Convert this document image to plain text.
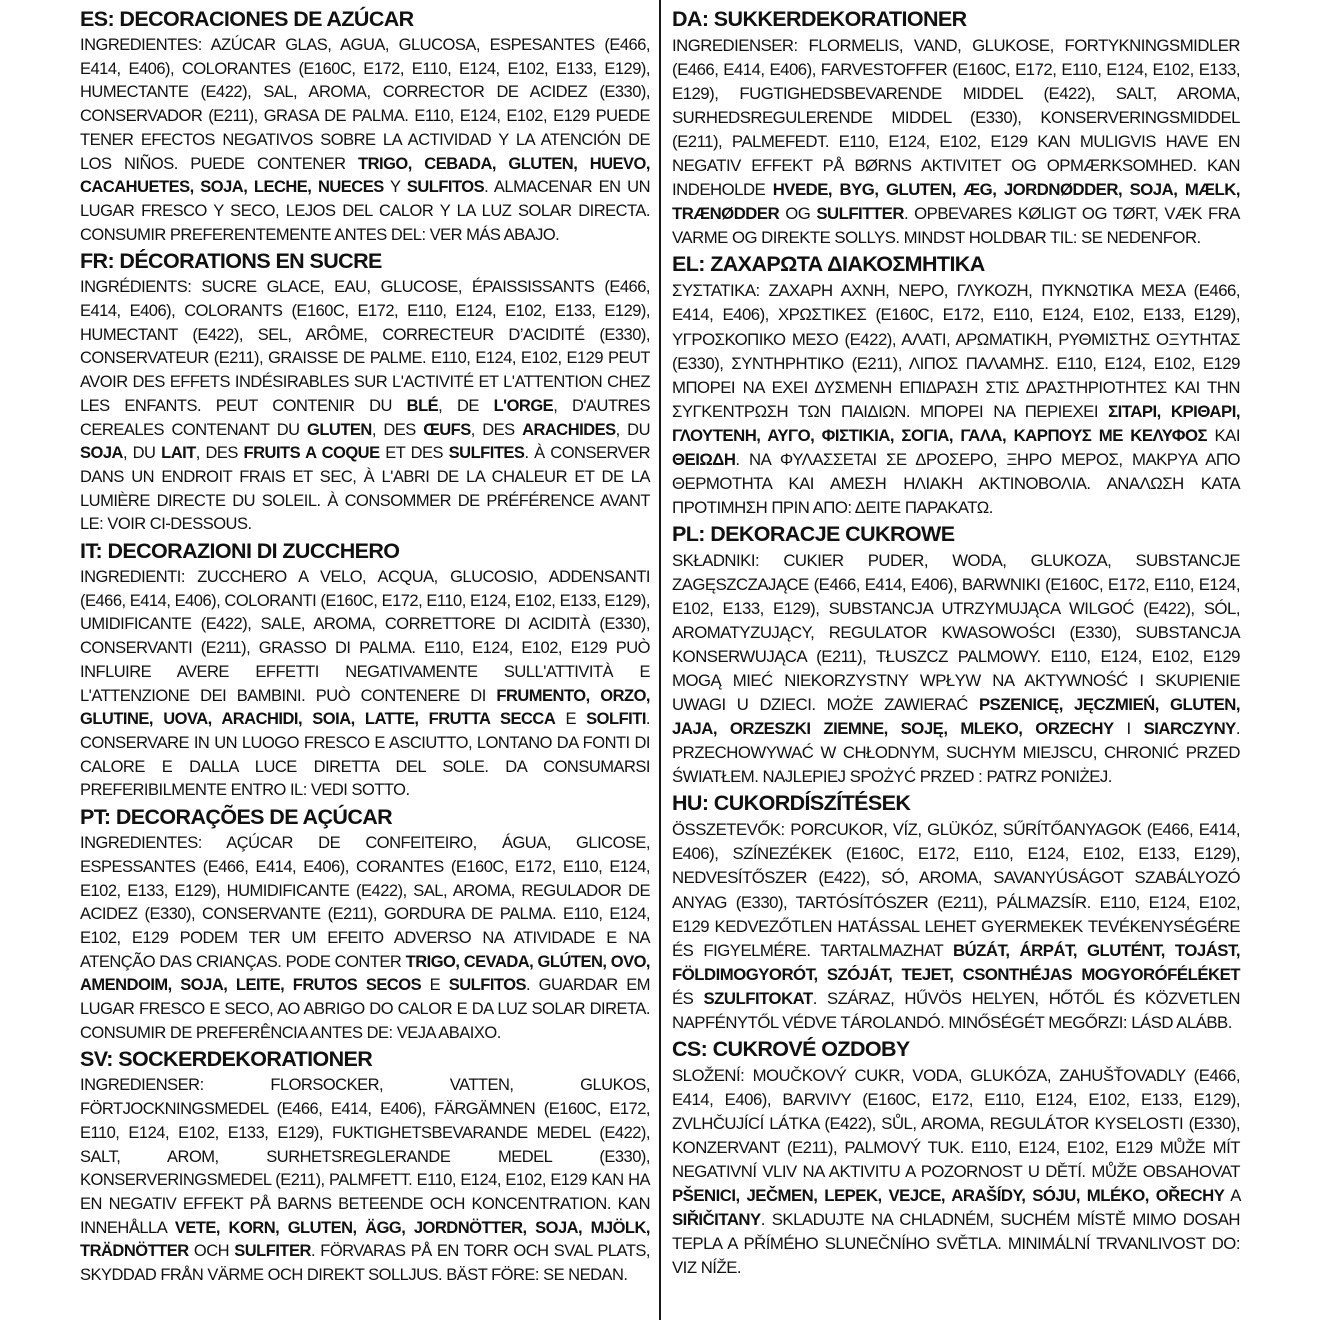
ES: DECORACIONES DE AZÚCAR
INGREDIENTES: AZÚCAR GLAS, AGUA, GLUCOSA, ESPESANTES (E466, E414, E406), COLORANTES (E160C, E172, E110, E124, E102, E133, E129), HUMECTANTE (E422), SAL, AROMA, CORRECTOR DE ACIDEZ (E330), CONSERVADOR (E211), GRASA DE PALMA. E110, E124, E102, E129 PUEDE TENER EFECTOS NEGATIVOS SOBRE LA ACTIVIDAD Y LA ATENCIÓN DE LOS NIÑOS. PUEDE CONTENER TRIGO, CEBADA, GLUTEN, HUEVO, CACAHUETES, SOJA, LECHE, NUECES Y SULFITOS. ALMACENAR EN UN LUGAR FRESCO Y SECO, LEJOS DEL CALOR Y LA LUZ SOLAR DIRECTA. CONSUMIR PREFERENTEMENTE ANTES DEL: VER MÁS ABAJO.
FR: DÉCORATIONS EN SUCRE
INGRÉDIENTS: SUCRE GLACE, EAU, GLUCOSE, ÉPAISSISSANTS (E466, E414, E406), COLORANTS (E160C, E172, E110, E124, E102, E133, E129), HUMECTANT (E422), SEL, ARÔME, CORRECTEUR D’ACIDITÉ (E330), CONSERVATEUR (E211), GRAISSE DE PALME. E110, E124, E102, E129 PEUT AVOIR DES EFFETS INDÉSIRABLES SUR L'ACTIVITÉ ET L'ATTENTION CHEZ LES ENFANTS. PEUT CONTENIR DU BLÉ, DE L'ORGE, D'AUTRES CEREALES CONTENANT DU GLUTEN, DES ŒUFS, DES ARACHIDES, DU SOJA, DU LAIT, DES FRUITS A COQUE ET DES SULFITES. À CONSERVER DANS UN ENDROIT FRAIS ET SEC, À L'ABRI DE LA CHALEUR ET DE LA LUMIÈRE DIRECTE DU SOLEIL. À CONSOMMER DE PRÉFÉRENCE AVANT LE: VOIR CI-DESSOUS.
IT: DECORAZIONI DI ZUCCHERO
INGREDIENTI: ZUCCHERO A VELO, ACQUA, GLUCOSIO, ADDENSANTI (E466, E414, E406), COLORANTI (E160C, E172, E110, E124, E102, E133, E129), UMIDIFICANTE (E422), SALE, AROMA, CORRETTORE DI ACIDITÀ (E330), CONSERVANTI (E211), GRASSO DI PALMA. E110, E124, E102, E129 PUÒ INFLUIRE AVERE EFFETTI NEGATIVAMENTE SULL'ATTIVITÀ E L'ATTENZIONE DEI BAMBINI. PUÒ CONTENERE DI FRUMENTO, ORZO, GLUTINE, UOVA, ARACHIDI, SOIA, LATTE, FRUTTA SECCA E SOLFITI. CONSERVARE IN UN LUOGO FRESCO E ASCIUTTO, LONTANO DA FONTI DI CALORE E DALLA LUCE DIRETTA DEL SOLE. DA CONSUMARSI PREFERIBILMENTE ENTRO IL: VEDI SOTTO.
PT: DECORAÇÕES DE AÇÚCAR
INGREDIENTES: AÇÚCAR DE CONFEITEIRO, ÁGUA, GLICOSE, ESPESSANTES (E466, E414, E406), CORANTES (E160C, E172, E110, E124, E102, E133, E129), HUMIDIFICANTE (E422), SAL, AROMA, REGULADOR DE ACIDEZ (E330), CONSERVANTE (E211), GORDURA DE PALMA. E110, E124, E102, E129 PODEM TER UM EFEITO ADVERSO NA ATIVIDADE E NA ATENÇÃO DAS CRIANÇAS. PODE CONTER TRIGO, CEVADA, GLÚTEN, OVO, AMENDOIM, SOJA, LEITE, FRUTOS SECOS E SULFITOS. GUARDAR EM LUGAR FRESCO E SECO, AO ABRIGO DO CALOR E DA LUZ SOLAR DIRETA. CONSUMIR DE PREFERÊNCIA ANTES DE: VEJA ABAIXO.
SV: SOCKERDEKORATIONER
INGREDIENSER: FLORSOCKER, VATTEN, GLUKOS, FÖRTJOCKNINGSMEDEL (E466, E414, E406), FÄRGÄMNEN (E160C, E172, E110, E124, E102, E133, E129), FUKTIGHETSBEVARANDE MEDEL (E422), SALT, AROM, SURHETSREGLERANDE MEDEL (E330), KONSERVERINGSMEDEL (E211), PALMFETT. E110, E124, E102, E129 KAN HA EN NEGATIV EFFEKT PÅ BARNS BETEENDE OCH KONCENTRATION. KAN INNEHÅLLA VETE, KORN, GLUTEN, ÄGG, JORDNÖTTER, SOJA, MJÖLK, TRÄDNÖTTER OCH SULFITER. FÖRVARAS PÅ EN TORR OCH SVAL PLATS, SKYDDAD FRÅN VÄRME OCH DIREKT SOLLJUS. BÄST FÖRE: SE NEDAN.
DA: SUKKERDEKORATIONER
INGREDIENSER: FLORMELIS, VAND, GLUKOSE, FORTYKNINGSMIDLER (E466, E414, E406), FARVESTOFFER (E160C, E172, E110, E124, E102, E133, E129), FUGTIGHEDSBEVARENDE MIDDEL (E422), SALT, AROMA, SURHEDSREGULERENDE MIDDEL (E330), KONSERVERINGSMIDDEL (E211), PALMEFEDT. E110, E124, E102, E129 KAN MULIGVIS HAVE EN NEGATIV EFFEKT PÅ BØRNS AKTIVITET OG OPMÆRKSOMHED. KAN INDEHOLDE HVEDE, BYG, GLUTEN, ÆG, JORDNØDDER, SOJA, MÆLK, TRÆNØDDER OG SULFITTER. OPBEVARES KØLIGT OG TØRT, VÆK FRA VARME OG DIREKTE SOLLYS. MINDST HOLDBAR TIL: SE NEDENFOR.
EL: ΖΑΧΑΡΩΤΑ ΔΙΑΚΟΣΜΗΤΙΚΑ
ΣΥΣΤΑΤΙΚΑ: ΖΑΧΑΡΗ ΑΧΝΗ, ΝΕΡΟ, ΓΛΥΚΟΖΗ, ΠΥΚΝΩΤΙΚΑ ΜΕΣΑ (E466, E414, E406), ΧΡΩΣΤΙΚΕΣ (E160C, E172, E110, E124, E102, E133, E129), ΥΓΡΟΣΚΟΠΙΚΟ ΜΕΣΟ (E422), ΑΛΑΤΙ, ΑΡΩΜΑΤΙΚΗ, ΡΥΘΜΙΣΤΗΣ ΟΞΥΤΗΤΑΣ (E330), ΣΥΝΤΗΡΗΤΙΚΟ (E211), ΛΙΠΟΣ ΠΑΛΑΜΗΣ. E110, E124, E102, E129 ΜΠΟΡΕΙ ΝΑ ΕΧΕΙ ΔΥΣΜΕΝΗ ΕΠΙΔΡΑΣΗ ΣΤΙΣ ΔΡΑΣΤΗΡΙΟΤΗΤΕΣ ΚΑΙ ΤΗΝ ΣΥΓΚΕΝΤΡΩΣΗ ΤΩΝ ΠΑΙΔΙΩΝ. ΜΠΟΡΕΙ ΝΑ ΠΕΡΙΕΧΕΙ ΣΙΤΑΡΙ, ΚΡΙΘΑΡΙ, ΓΛΟΥΤΕΝΗ, ΑΥΓΟ, ΦΙΣΤΙΚΙΑ, ΣΟΓΙΑ, ΓΑΛΑ, ΚΑΡΠΟΥΣ ΜΕ ΚΕΛΥΦΟΣ ΚΑΙ ΘΕΙΩΔΗ. ΝΑ ΦΥΛΑΣΣΕΤΑΙ ΣΕ ΔΡΟΣΕΡΟ, ΞΗΡΟ ΜΕΡΟΣ, ΜΑΚΡΥΑ ΑΠΟ ΘΕΡΜΟΤΗΤΑ ΚΑΙ ΑΜΕΣΗ ΗΛΙΑΚΗ ΑΚΤΙΝΟΒΟΛΙΑ. ΑΝΑΛΩΣΗ ΚΑΤΑ ΠΡΟΤΙΜΗΣΗ ΠΡΙΝ ΑΠΟ: ΔΕΙΤΕ ΠΑΡΑΚΑΤΩ.
PL: DEKORACJE CUKROWE
SKŁADNIKI: CUKIER PUDER, WODA, GLUKOZA, SUBSTANCJE ZAGĘSZCZAJĄCE (E466, E414, E406), BARWNIKI (E160C, E172, E110, E124, E102, E133, E129), SUBSTANCJA UTRZYMUJĄCA WILGOĆ (E422), SÓL, AROMATYZUJĄCY, REGULATOR KWASOWOŚCI (E330), SUBSTANCJA KONSERWUJĄCA (E211), TŁUSZCZ PALMOWY. E110, E124, E102, E129 MOGĄ MIEĆ NIEKORZYSTNY WPŁYW NA AKTYWNOŚĆ I SKUPIENIE UWAGI U DZIECI. MOŻE ZAWIERAĆ PSZENICĘ, JĘCZMIEŃ, GLUTEN, JAJA, ORZESZKI ZIEMNE, SOJĘ, MLEKO, ORZECHY I SIARCZYNY. PRZECHOWYWAĆ W CHŁODNYM, SUCHYM MIEJSCU, CHRONIĆ PRZED ŚWIATŁEM. NAJLEPIEJ SPOŻYĆ PRZED : PATRZ PONIŻEJ.
HU: CUKORDÍSZÍTÉSEK
ÖSSZETEVŐK: PORCUKOR, VÍZ, GLÜKÓZ, SŰRÍTŐANYAGOK (E466, E414, E406), SZÍNEZÉKEK (E160C, E172, E110, E124, E102, E133, E129), NEDVESÍTŐSZER (E422), SÓ, AROMA, SAVANYÚSÁGOT SZABÁLYOZÓ ANYAG (E330), TARTÓSÍTÓSZER (E211), PÁLMAZSÍR. E110, E124, E102, E129 KEDVEZŐTLEN HATÁSSAL LEHET GYERMEKEK TEVÉKENYSÉGÉRE ÉS FIGYELMÉRE. TARTALMAZHAT BÚZÁT, ÁRPÁT, GLUTÉNT, TOJÁST, FÖLDIMOGYORÓT, SZÓJÁT, TEJET, CSONTHÉJAS MOGYORÓFÉLÉKET ÉS SZULFITOKAT. SZÁRAZ, HŰVÖS HELYEN, HŐTŐL ÉS KÖZVETLEN NAPFÉNYTŐL VÉDVE TÁROLANDÓ. MINŐSÉGÉT MEGŐRZI: LÁSD ALÁBB.
CS: CUKROVÉ OZDOBY
SLOŽENÍ: MOUČKOVÝ CUKR, VODA, GLUKÓZA, ZAHUŠŤOVADLY (E466, E414, E406), BARVIVY (E160C, E172, E110, E124, E102, E133, E129), ZVLHČUJÍCÍ LÁTKA (E422), SŮL, AROMA, REGULÁTOR KYSELOSTI (E330), KONZERVANT (E211), PALMOVÝ TUK. E110, E124, E102, E129 MŮŽE MÍT NEGATIVNÍ VLIV NA AKTIVITU A POZORNOST U DĚTÍ. MŮŽE OBSAHOVAT PŠENICI, JEČMEN, LEPEK, VEJCE, ARAŠÍDY, SÓJU, MLÉKO, OŘECHY A SIŘIČITANY. SKLADUJTE NA CHLADNÉM, SUCHÉM MÍSTĚ MIMO DOSAH TEPLA A PŘÍMÉHO SLUNEČNÍHO SVĚTLA. MINIMÁLNÍ TRVANLIVOST DO: VIZ NÍŽE.
